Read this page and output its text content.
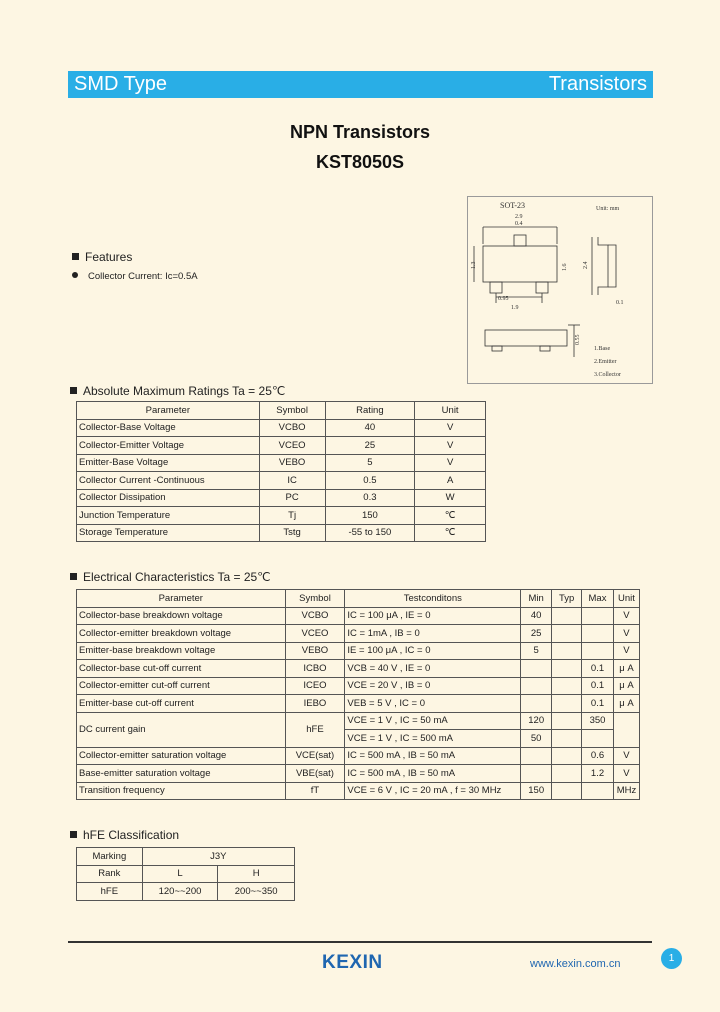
SMD Type	Transistors
NPN Transistors
KST8050S
SOT-23	Unit: mm
2.9
0.4
1.3	1.6	2.4
0.95
1.9
0.1
0.55
1.Base
2.Emitter
3.Collector
Features
Collector Current: Ic=0.5A
Absolute Maximum Ratings Ta = 25℃
Parameter	Symbol	Rating	Unit
Collector-Base Voltage	VCBO	40	V
Collector-Emitter Voltage	VCEO	25	V
Emitter-Base Voltage	VEBO	5	V
Collector Current -Continuous	IC	0.5	A
Collector Dissipation	PC	0.3	W
Junction Temperature	Tj	150	℃
Storage Temperature	Tstg	-55 to 150	℃
Electrical Characteristics Ta = 25℃
Parameter	Symbol	Testconditons	Min	Typ	Max	Unit
Collector-base breakdown voltage	VCBO	IC = 100 μA , IE = 0	40			V
Collector-emitter breakdown voltage	VCEO	IC = 1mA , IB = 0	25			V
Emitter-base breakdown voltage	VEBO	IE = 100 μA , IC = 0	5			V
Collector-base cut-off current	ICBO	VCB = 40 V , IE = 0			0.1	μ A
Collector-emitter cut-off current	ICEO	VCE = 20 V , IB = 0			0.1	μ A
Emitter-base cut-off current	IEBO	VEB = 5 V , IC = 0			0.1	μ A
DC current gain	hFE	VCE = 1 V , IC = 50 mA	120		350	
		VCE = 1 V , IC = 500 mA	50			
Collector-emitter saturation voltage	VCE(sat)	IC = 500 mA , IB = 50 mA			0.6	V
Base-emitter saturation voltage	VBE(sat)	IC = 500 mA , IB = 50 mA			1.2	V
Transition frequency	fT	VCE = 6 V , IC = 20 mA , f = 30 MHz	150			MHz
hFE Classification
Marking	J3Y	
Rank	L	H
hFE	120~~200	200~~350
KEXIN	www.kexin.com.cn	1
